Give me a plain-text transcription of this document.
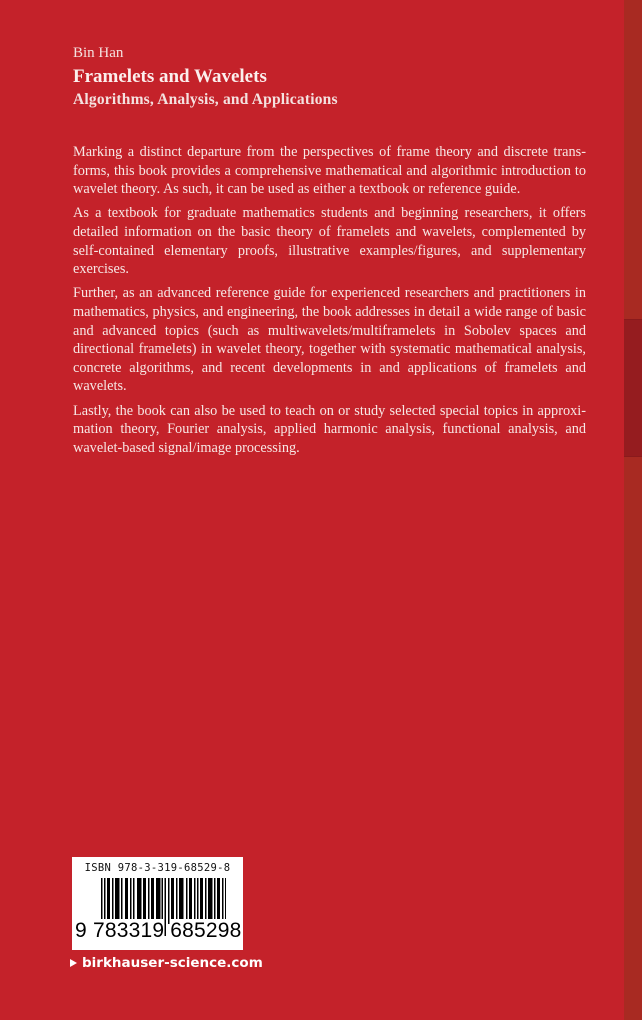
Bin Han

Framelets and Wavelets
Algorithms, Analysis, and Applications

Marking a distinct departure from the perspectives of frame theory and discrete transforms, this book provides a comprehensive mathematical and algorithmic introduction to wavelet theory. As such, it can be used as either a textbook or reference guide.

As a textbook for graduate mathematics students and beginning researchers, it offers detailed information on the basic theory of framelets and wavelets, complemented by self-contained elementary proofs, illustrative examples/figures, and supplementary exercises.

Further, as an advanced reference guide for experienced researchers and practitioners in mathematics, physics, and engineering, the book addresses in detail a wide range of basic and advanced topics (such as multiwavelets/multiframelets in Sobolev spaces and directional framelets) in wavelet theory, together with systematic mathematical analysis, concrete algorithms, and recent developments in and applications of framelets and wavelets.

Lastly, the book can also be used to teach on or study selected special topics in approximation theory, Fourier analysis, applied harmonic analysis, functional analysis, and wavelet-based signal/image processing.

ISBN 978-3-319-68529-8
9 783319 685298
birkhauser-science.com
